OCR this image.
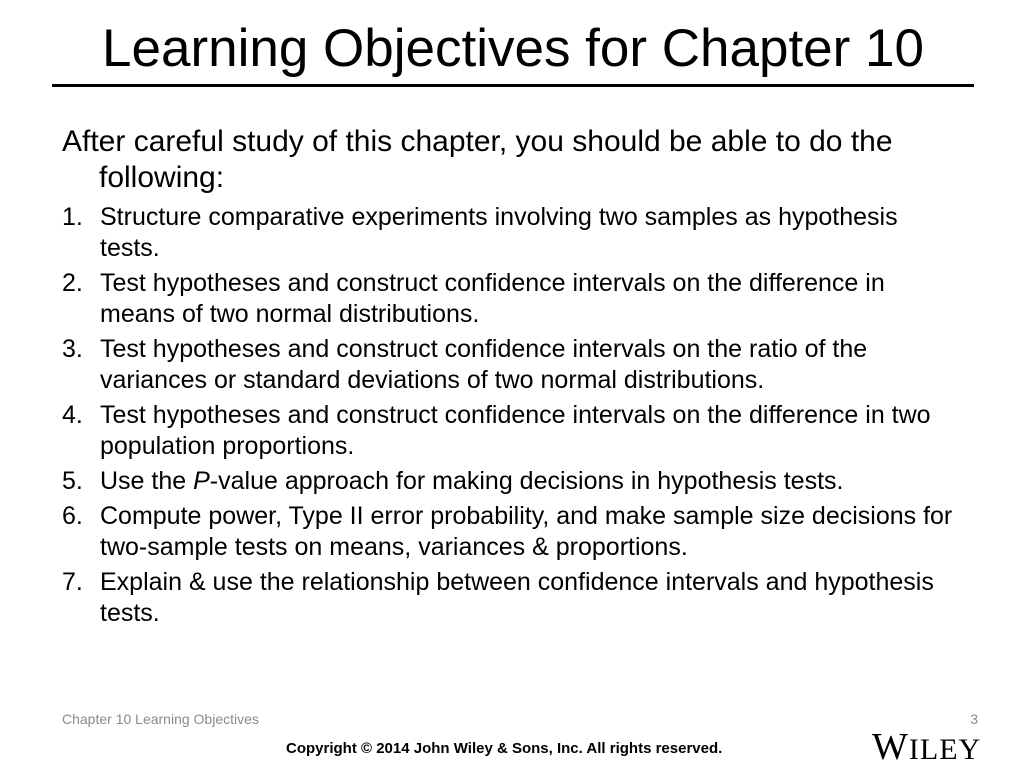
Learning Objectives for Chapter 10
After careful study of this chapter, you should be able to do the following:
1. Structure comparative experiments involving two samples as hypothesis tests.
2. Test hypotheses and construct confidence intervals on the difference in means of two normal distributions.
3. Test hypotheses and construct confidence intervals on the ratio of the variances or standard deviations of two normal distributions.
4. Test hypotheses and construct confidence intervals on the difference in two population proportions.
5. Use the P-value approach for making decisions in hypothesis tests.
6. Compute power, Type II error probability, and make sample size decisions for two-sample tests on means, variances & proportions.
7. Explain & use the relationship between confidence intervals and hypothesis tests.
Chapter 10 Learning Objectives	3
Copyright © 2014 John Wiley & Sons, Inc. All rights reserved.	WILEY
